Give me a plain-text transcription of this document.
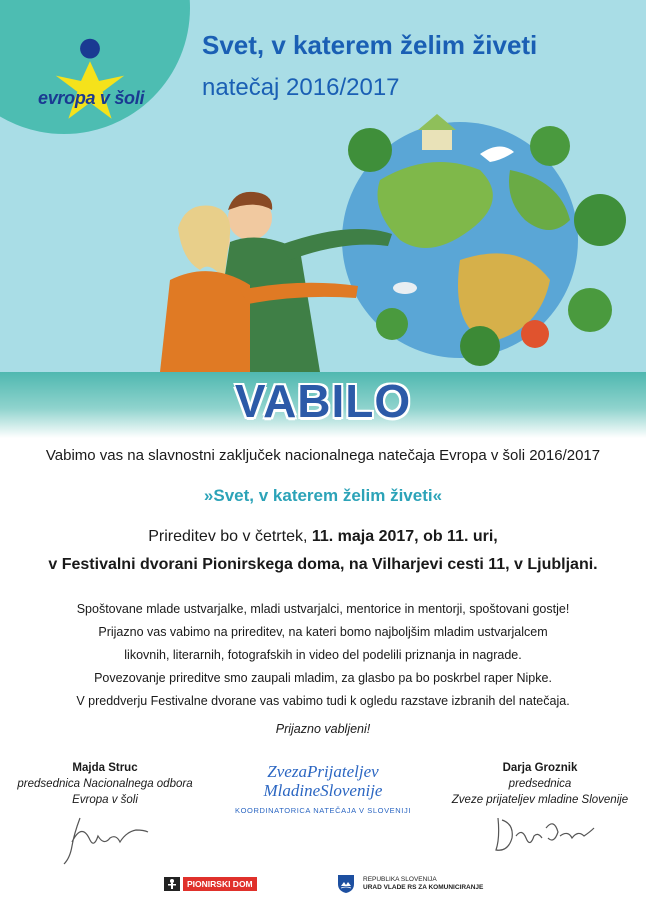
evropa v šoli
Svet, v katerem želim živeti
natečaj 2016/2017
VABILO
Vabimo vas na slavnostni zaključek nacionalnega natečaja Evropa v šoli 2016/2017
»Svet, v katerem želim živeti«
Prireditev bo v četrtek, 11. maja 2017, ob 11. uri,
v Festivalni dvorani Pionirskega doma, na Vilharjevi cesti 11, v Ljubljani.
Spoštovane mlade ustvarjalke, mladi ustvarjalci, mentorice in mentorji, spoštovani gostje!
Prijazno vas vabimo na prireditev, na kateri bomo najboljšim mladim ustvarjalcem
likovnih, literarnih, fotografskih in video del podelili priznanja in nagrade.
Povezovanje prireditve smo zaupali mladim, za glasbo pa bo poskrbel raper Nipke.
V preddverju Festivalne dvorane vas vabimo tudi k ogledu razstave izbranih del natečaja.
Prijazno vabljeni!
Majda Struc
predsednica Nacionalnega odbora
Evropa v šoli
ZvezaPrijateljev
MladineSlovenije
KOORDINATORICA NATEČAJA V SLOVENIJI
Darja Groznik
predsednica
Zveze prijateljev mladine Slovenije
PIONIRSKI DOM	REPUBLIKA SLOVENIJA
URAD VLADE RS ZA KOMUNICIRANJE
